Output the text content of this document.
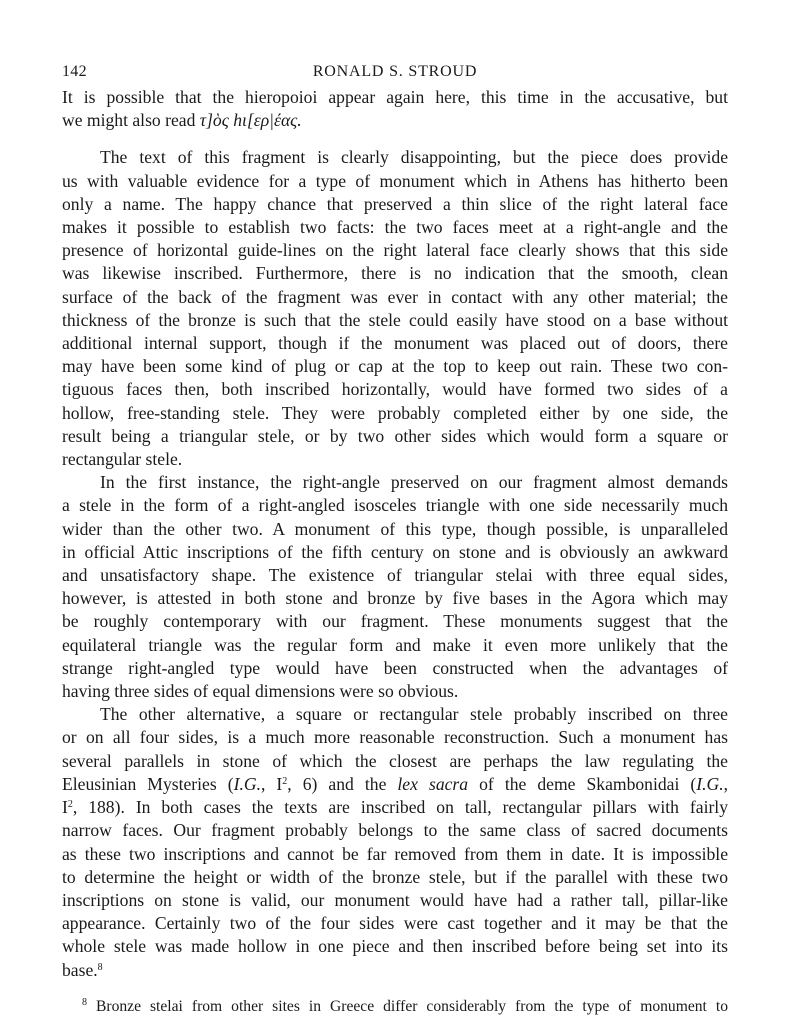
142	RONALD S. STROUD
It is possible that the hieropoioi appear again here, this time in the accusative, but
we might also read τ]ὸς hι[ερ|έας.
The text of this fragment is clearly disappointing, but the piece does provide
us with valuable evidence for a type of monument which in Athens has hitherto been
only a name. The happy chance that preserved a thin slice of the right lateral face
makes it possible to establish two facts: the two faces meet at a right-angle and the
presence of horizontal guide-lines on the right lateral face clearly shows that this side
was likewise inscribed. Furthermore, there is no indication that the smooth, clean
surface of the back of the fragment was ever in contact with any other material; the
thickness of the bronze is such that the stele could easily have stood on a base without
additional internal support, though if the monument was placed out of doors, there
may have been some kind of plug or cap at the top to keep out rain. These two con-
tiguous faces then, both inscribed horizontally, would have formed two sides of a
hollow, free-standing stele. They were probably completed either by one side, the
result being a triangular stele, or by two other sides which would form a square or
rectangular stele.
In the first instance, the right-angle preserved on our fragment almost demands
a stele in the form of a right-angled isosceles triangle with one side necessarily much
wider than the other two. A monument of this type, though possible, is unparalleled
in official Attic inscriptions of the fifth century on stone and is obviously an awkward
and unsatisfactory shape. The existence of triangular stelai with three equal sides,
however, is attested in both stone and bronze by five bases in the Agora which may
be roughly contemporary with our fragment. These monuments suggest that the
equilateral triangle was the regular form and make it even more unlikely that the
strange right-angled type would have been constructed when the advantages of
having three sides of equal dimensions were so obvious.
The other alternative, a square or rectangular stele probably inscribed on three
or on all four sides, is a much more reasonable reconstruction. Such a monument has
several parallels in stone of which the closest are perhaps the law regulating the
Eleusinian Mysteries (I.G., $I^2$, 6) and the lex sacra of the deme Skambonidai (I.G.,
$I^2$, 188). In both cases the texts are inscribed on tall, rectangular pillars with fairly
narrow faces. Our fragment probably belongs to the same class of sacred documents
as these two inscriptions and cannot be far removed from them in date. It is impossible
to determine the height or width of the bronze stele, but if the parallel with these two
inscriptions on stone is valid, our monument would have had a rather tall, pillar-like
appearance. Certainly two of the four sides were cast together and it may be that the
whole stele was made hollow in one piece and then inscribed before being set into its
base.$^8$
$^8$ Bronze stelai from other sites in Greece differ considerably from the type of monument to
